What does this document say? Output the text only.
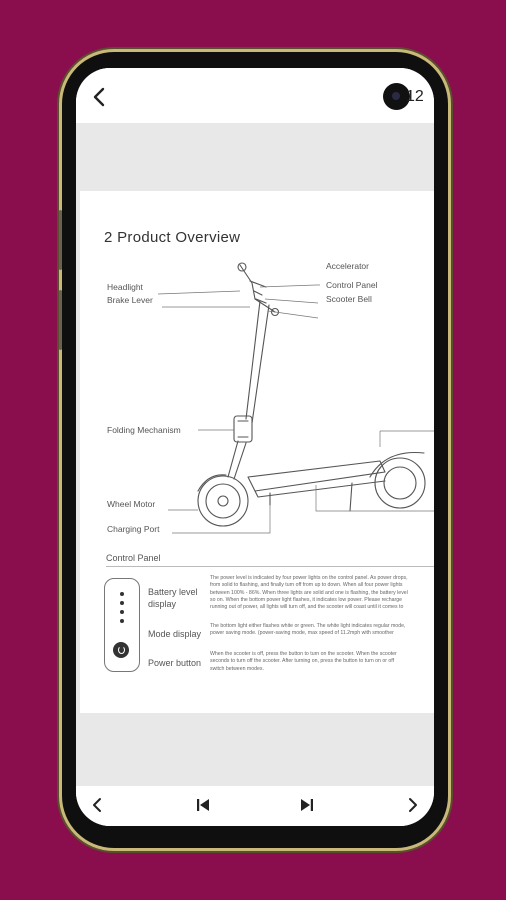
12
2 Product Overview
Accelerator
Control Panel
Scooter Bell
Headlight
Brake Lever
Folding Mechanism
Wheel Motor
Charging Port
Control Panel
Battery level display
Mode display
Power button
The power level is indicated by four power lights on the control panel. As power drops,
from solid to flashing, and finally turn off from up to down. When all four power lights
between 100% - 86%. When three lights are solid and one is flashing, the battery level
so on. When the bottom power light flashes, it indicates low power. Please recharge
running out of power, all lights will turn off, and the scooter will coast until it comes to
The bottom light either flashes white or green. The white light indicates regular mode,
power saving mode. (power-saving mode, max speed of 11.2mph with smoother
When the scooter is off, press the button to turn on the scooter. When the scooter
seconds to turn off the scooter. After turning on, press the button to turn on or off
switch between modes.
